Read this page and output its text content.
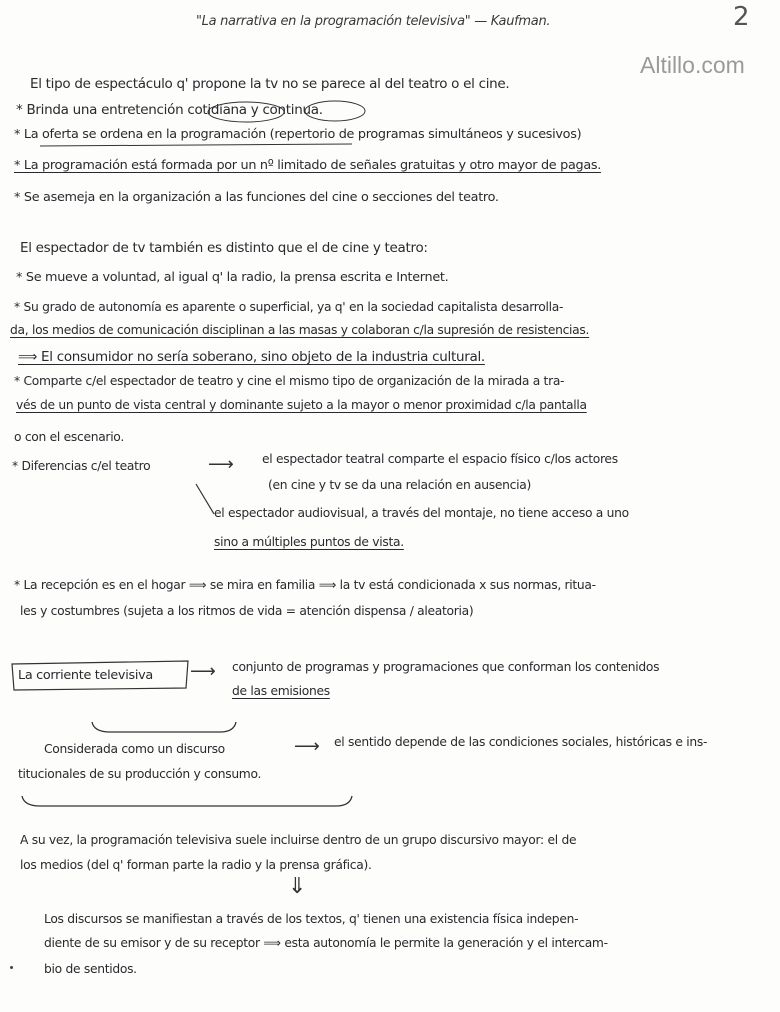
"La narrativa en la programación televisiva" — Kaufman.	2
Altillo.com
El tipo de espectáculo q' propone la tv no se parece al del teatro o el cine.
* Brinda una entretención cotidiana y continua.
* La oferta se ordena en la programación (repertorio de programas simultáneos y sucesivos)
* La programación está formada por un nº limitado de señales gratuitas y otro mayor de pagas.
* Se asemeja en la organización a las funciones del cine o secciones del teatro.
El espectador de tv también es distinto que el de cine y teatro:
* Se mueve a voluntad, al igual q' la radio, la prensa escrita e Internet.
* Su grado de autonomía es aparente o superficial, ya q' en la sociedad capitalista desarrolla-
da, los medios de comunicación disciplinan a las masas y colaboran c/la supresión de resistencias.
⟹ El consumidor no sería soberano, sino objeto de la industria cultural.
* Comparte c/el espectador de teatro y cine el mismo tipo de organización de la mirada a tra-
vés de un punto de vista central y dominante sujeto a la mayor o menor proximidad c/la pantalla
o con el escenario.
* Diferencias c/el teatro	⟶ el espectador teatral comparte el espacio físico c/los actores
(en cine y tv se da una relación en ausencia)
el espectador audiovisual, a través del montaje, no tiene acceso a uno
sino a múltiples puntos de vista.
* La recepción es en el hogar ⟹ se mira en familia ⟹ la tv está condicionada x sus normas, ritua-
les y costumbres (sujeta a los ritmos de vida = atención dispensa / aleatoria)
La corriente televisiva ⟶ conjunto de programas y programaciones que conforman los contenidos
de las emisiones
Considerada como un discurso	⟶ el sentido depende de las condiciones sociales, históricas e ins-
titucionales de su producción y consumo.
A su vez, la programación televisiva suele incluirse dentro de un grupo discursivo mayor: el de
los medios (del q' forman parte la radio y la prensa gráfica).
⇓
Los discursos se manifiestan a través de los textos, q' tienen una existencia física indepen-
diente de su emisor y de su receptor ⟹ esta autonomía le permite la generación y el intercam-
bio de sentidos.
